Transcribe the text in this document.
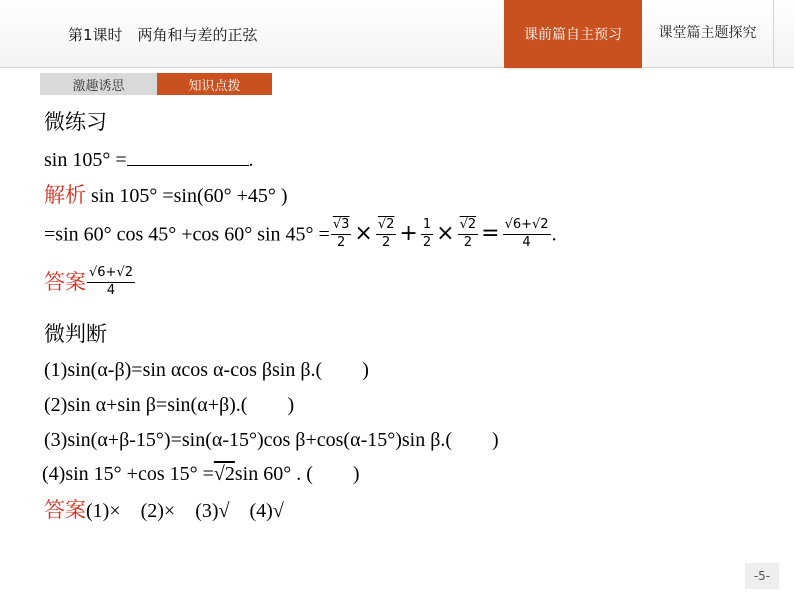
第1课时　两角和与差的正弦	课前篇自主预习	课堂篇主题探究
激趣诱思	知识点拨
微练习
sin 105° =	.
解析 sin 105° =sin(60° +45° )
=sin 60° cos 45° +cos 60° $\sin 45^\circ = \frac{√3}{2} \times \frac{√2}{2} + \frac{1}{2} \times \frac{√2}{2} = \frac{√6+√2}{4}$ .
答案 $\frac{√6+√2}{4}$
微判断
(1)sin(α-β)=sin αcos α-cos βsin β.(　　)
(2)sin α+sin β=sin(α+β).(　　)
(3)sin(α+β-15°)=sin(α-15°)cos β+cos(α-15°)sin β.(　　)
(4)sin 15° +cos 15° =√2sin 60° . (　　)
答案(1)×　(2)×　(3)√　(4)√
-5-
